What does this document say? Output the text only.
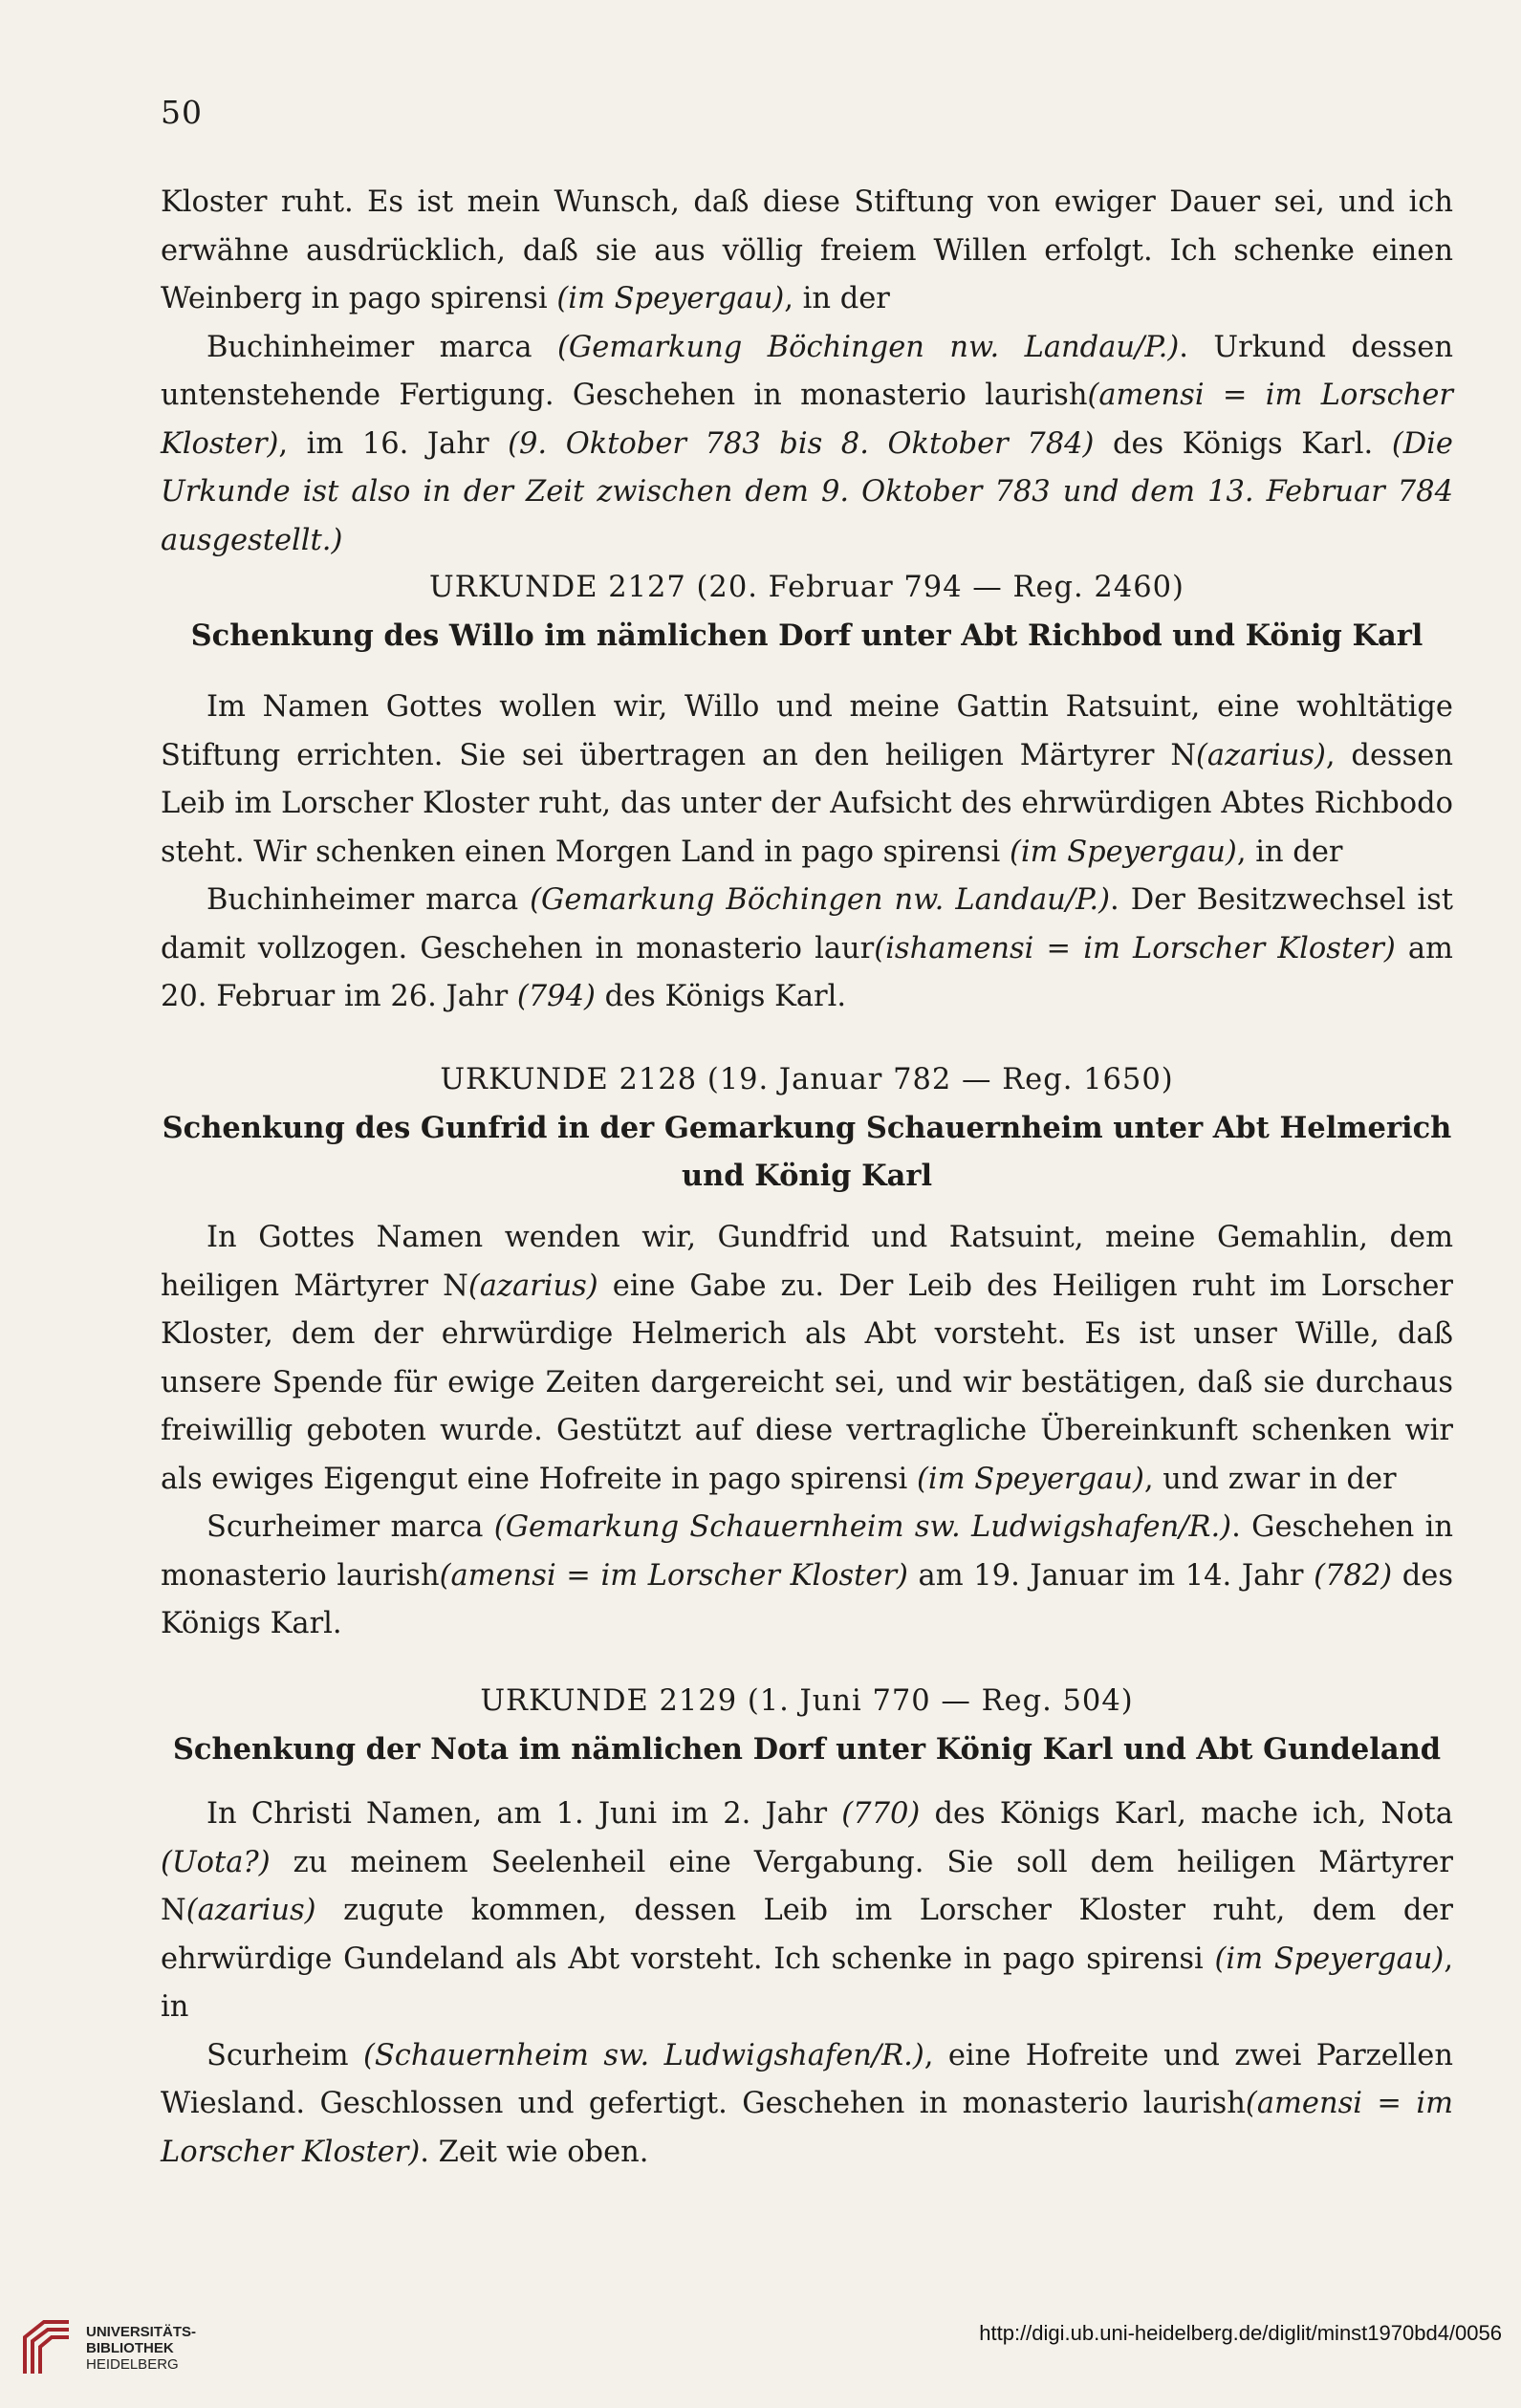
50

Kloster ruht. Es ist mein Wunsch, daß diese Stiftung von ewiger Dauer sei, und ich erwähne ausdrücklich, daß sie aus völlig freiem Willen erfolgt. Ich schenke einen Weinberg in pago spirensi (im Speyergau), in der

Buchinheimer marca (Gemarkung Böchingen nw. Landau/P.). Urkund dessen untenstehende Fertigung. Geschehen in monasterio laurish(amensi = im Lorscher Kloster), im 16. Jahr (9. Oktober 783 bis 8. Oktober 784) des Königs Karl. (Die Urkunde ist also in der Zeit zwischen dem 9. Oktober 783 und dem 13. Februar 784 ausgestellt.)

URKUNDE 2127 (20. Februar 794 — Reg. 2460)
Schenkung des Willo im nämlichen Dorf unter Abt Richbod und König Karl

Im Namen Gottes wollen wir, Willo und meine Gattin Ratsuint, eine wohltätige Stiftung errichten. Sie sei übertragen an den heiligen Märtyrer N(azarius), dessen Leib im Lorscher Kloster ruht, das unter der Aufsicht des ehrwürdigen Abtes Richbodo steht. Wir schenken einen Morgen Land in pago spirensi (im Speyergau), in der

Buchinheimer marca (Gemarkung Böchingen nw. Landau/P.). Der Besitzwechsel ist damit vollzogen. Geschehen in monasterio laur(ishamensi = im Lorscher Kloster) am 20. Februar im 26. Jahr (794) des Königs Karl.

URKUNDE 2128 (19. Januar 782 — Reg. 1650)
Schenkung des Gunfrid in der Gemarkung Schauernheim unter Abt Helmerich
und König Karl

In Gottes Namen wenden wir, Gundfrid und Ratsuint, meine Gemahlin, dem heiligen Märtyrer N(azarius) eine Gabe zu. Der Leib des Heiligen ruht im Lorscher Kloster, dem der ehrwürdige Helmerich als Abt vorsteht. Es ist unser Wille, daß unsere Spende für ewige Zeiten dargereicht sei, und wir bestätigen, daß sie durchaus freiwillig geboten wurde. Gestützt auf diese vertragliche Übereinkunft schenken wir als ewiges Eigengut eine Hofreite in pago spirensi (im Speyergau), und zwar in der

Scurheimer marca (Gemarkung Schauernheim sw. Ludwigshafen/R.). Geschehen in monasterio laurish(amensi = im Lorscher Kloster) am 19. Januar im 14. Jahr (782) des Königs Karl.

URKUNDE 2129 (1. Juni 770 — Reg. 504)
Schenkung der Nota im nämlichen Dorf unter König Karl und Abt Gundeland

In Christi Namen, am 1. Juni im 2. Jahr (770) des Königs Karl, mache ich, Nota (Uota?) zu meinem Seelenheil eine Vergabung. Sie soll dem heiligen Märtyrer N(azarius) zugute kommen, dessen Leib im Lorscher Kloster ruht, dem der ehrwürdige Gundeland als Abt vorsteht. Ich schenke in pago spirensi (im Speyergau), in

Scurheim (Schauernheim sw. Ludwigshafen/R.), eine Hofreite und zwei Parzellen Wiesland. Geschlossen und gefertigt. Geschehen in monasterio laurish(amensi = im Lorscher Kloster). Zeit wie oben.

UNIVERSITÄTS-
BIBLIOTHEK
HEIDELBERG
http://digi.ub.uni-heidelberg.de/diglit/minst1970bd4/0056
